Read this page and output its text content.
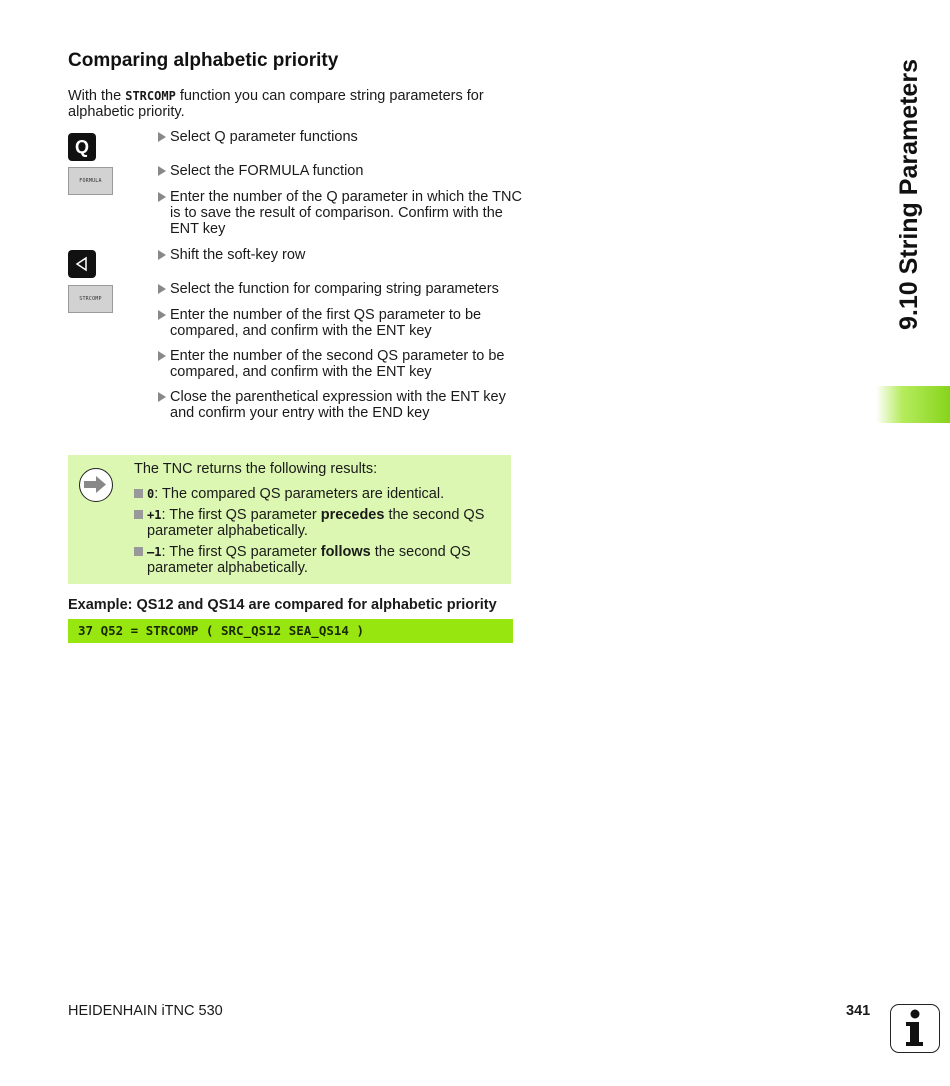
Comparing alphabetic priority
With the STRCOMP function you can compare string parameters for alphabetic priority.
Q
FORMULA
STRCOMP
Select Q parameter functions
Select the FORMULA function
Enter the number of the Q parameter in which the TNC is to save the result of comparison. Confirm with the ENT key
Shift the soft-key row
Select the function for comparing string parameters
Enter the number of the first QS parameter to be compared, and confirm with the ENT key
Enter the number of the second QS parameter to be compared, and confirm with the ENT key
Close the parenthetical expression with the ENT key and confirm your entry with the END key
The TNC returns the following results:
0: The compared QS parameters are identical.
+1: The first QS parameter precedes the second QS parameter alphabetically.
–1: The first QS parameter follows the second QS parameter alphabetically.
Example: QS12 and QS14 are compared for alphabetic priority
37 Q52 = STRCOMP ( SRC_QS12 SEA_QS14 )
9.10 String Parameters
HEIDENHAIN iTNC 530	341
